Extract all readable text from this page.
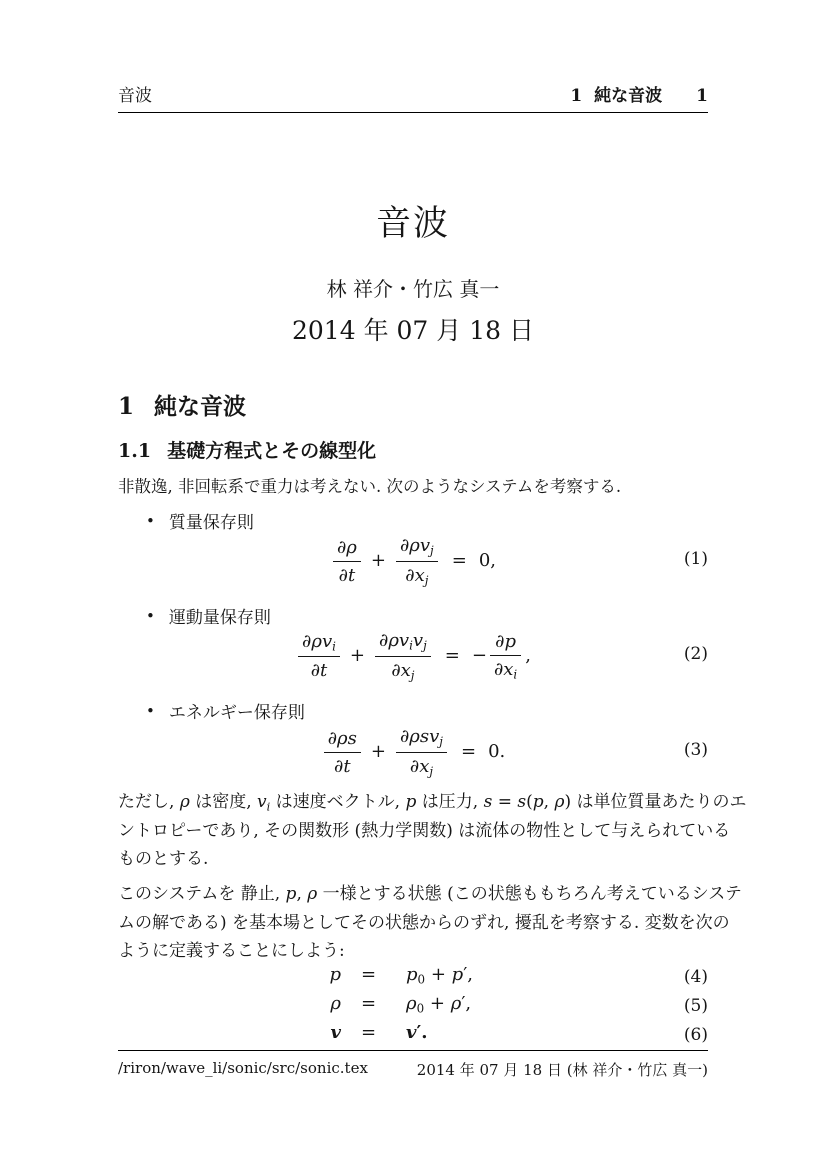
音波	1 純な音波 1
音波
林 祥介・竹広 真一
2014 年 07 月 18 日
1 純な音波
1.1 基礎方程式とその線型化
非散逸, 非回転系で重力は考えない. 次のようなシステムを考察する.
• 質量保存則
$\frac{\partial\rho}{\partial t} + \frac{\text{∂ρvj}}{\partial xj} = 0$,	(1)
• 運動量保存則
$\frac{\text{∂ρvi}}{\partial t} + \frac{\text{∂ρvivj}}{\partial xj}$ = − $\frac{\partial p}{\partial xi}$ ,	(2)
• エネルギー保存則
$\frac{\partial\rho s}{\partial t} + \frac{\text{∂ρsvj}}{\partial xj} = 0$.	(3)
ただし, ρ は密度, vi は速度ベクトル, p は圧力, s = s(p, ρ) は単位質量あたりのエ
ントロピーであり, その関数形 (熱力学関数) は流体の物性として与えられている
ものとする.
このシステムを 静止, p, ρ 一様とする状態 (この状態ももちろん考えているシステ
ムの解である) を基本場としてその状態からのずれ, 擾乱を考察する. 変数を次の
ように定義することにしよう:
p = p0 + p′,	(4)
ρ = ρ0 + ρ′,	(5)
v = v′.	(6)
/riron/wave_li/sonic/src/sonic.tex	2014 年 07 月 18 日 (林 祥介・竹広 真一)
